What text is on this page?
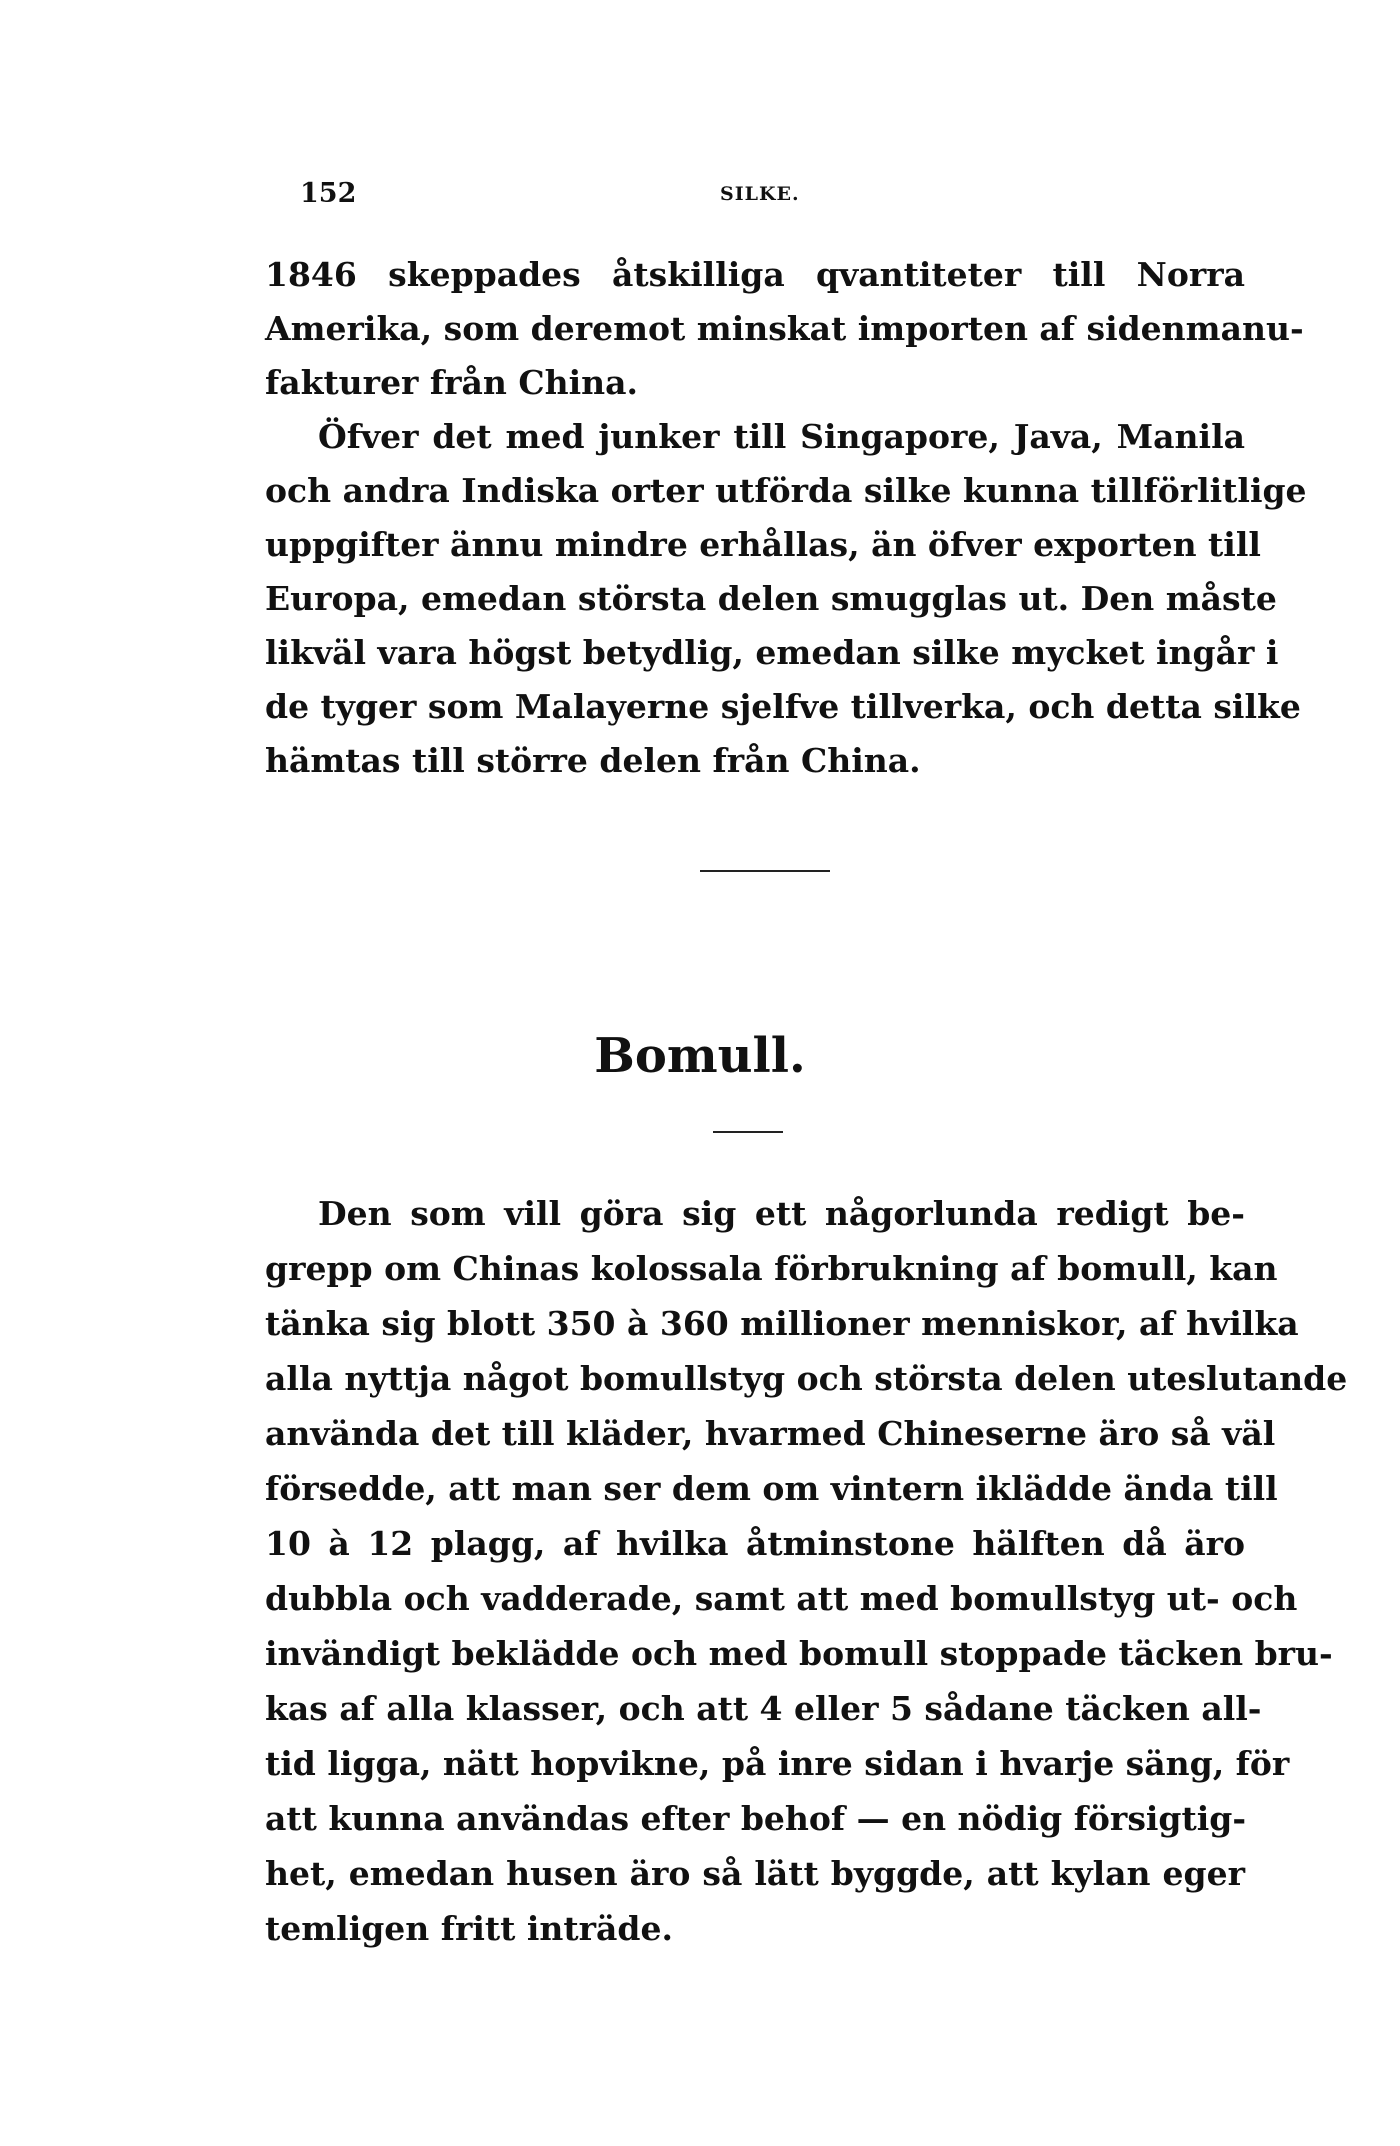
152	SILKE.
1846 skeppades åtskilliga qvantiteter till Norra
Amerika, som deremot minskat importen af sidenmanu-
fakturer från China.
Öfver det med junker till Singapore, Java, Manila
och andra Indiska orter utförda silke kunna tillförlitlige
uppgifter ännu mindre erhållas, än öfver exporten till
Europa, emedan största delen smugglas ut. Den måste
likväl vara högst betydlig, emedan silke mycket ingår i
de tyger som Malayerne sjelfve tillverka, och detta silke
hämtas till större delen från China.
Bomull.
Den som vill göra sig ett någorlunda redigt be-
grepp om Chinas kolossala förbrukning af bomull, kan
tänka sig blott 350 à 360 millioner menniskor, af hvilka
alla nyttja något bomullstyg och största delen uteslutande
använda det till kläder, hvarmed Chineserne äro så väl
försedde, att man ser dem om vintern iklädde ända till
10 à 12 plagg, af hvilka åtminstone hälften då äro
dubbla och vadderade, samt att med bomullstyg ut- och
invändigt beklädde och med bomull stoppade täcken bru-
kas af alla klasser, och att 4 eller 5 sådane täcken all-
tid ligga, nätt hopvikne, på inre sidan i hvarje säng, för
att kunna användas efter behof — en nödig försigtig-
het, emedan husen äro så lätt byggde, att kylan eger
temligen fritt inträde.
